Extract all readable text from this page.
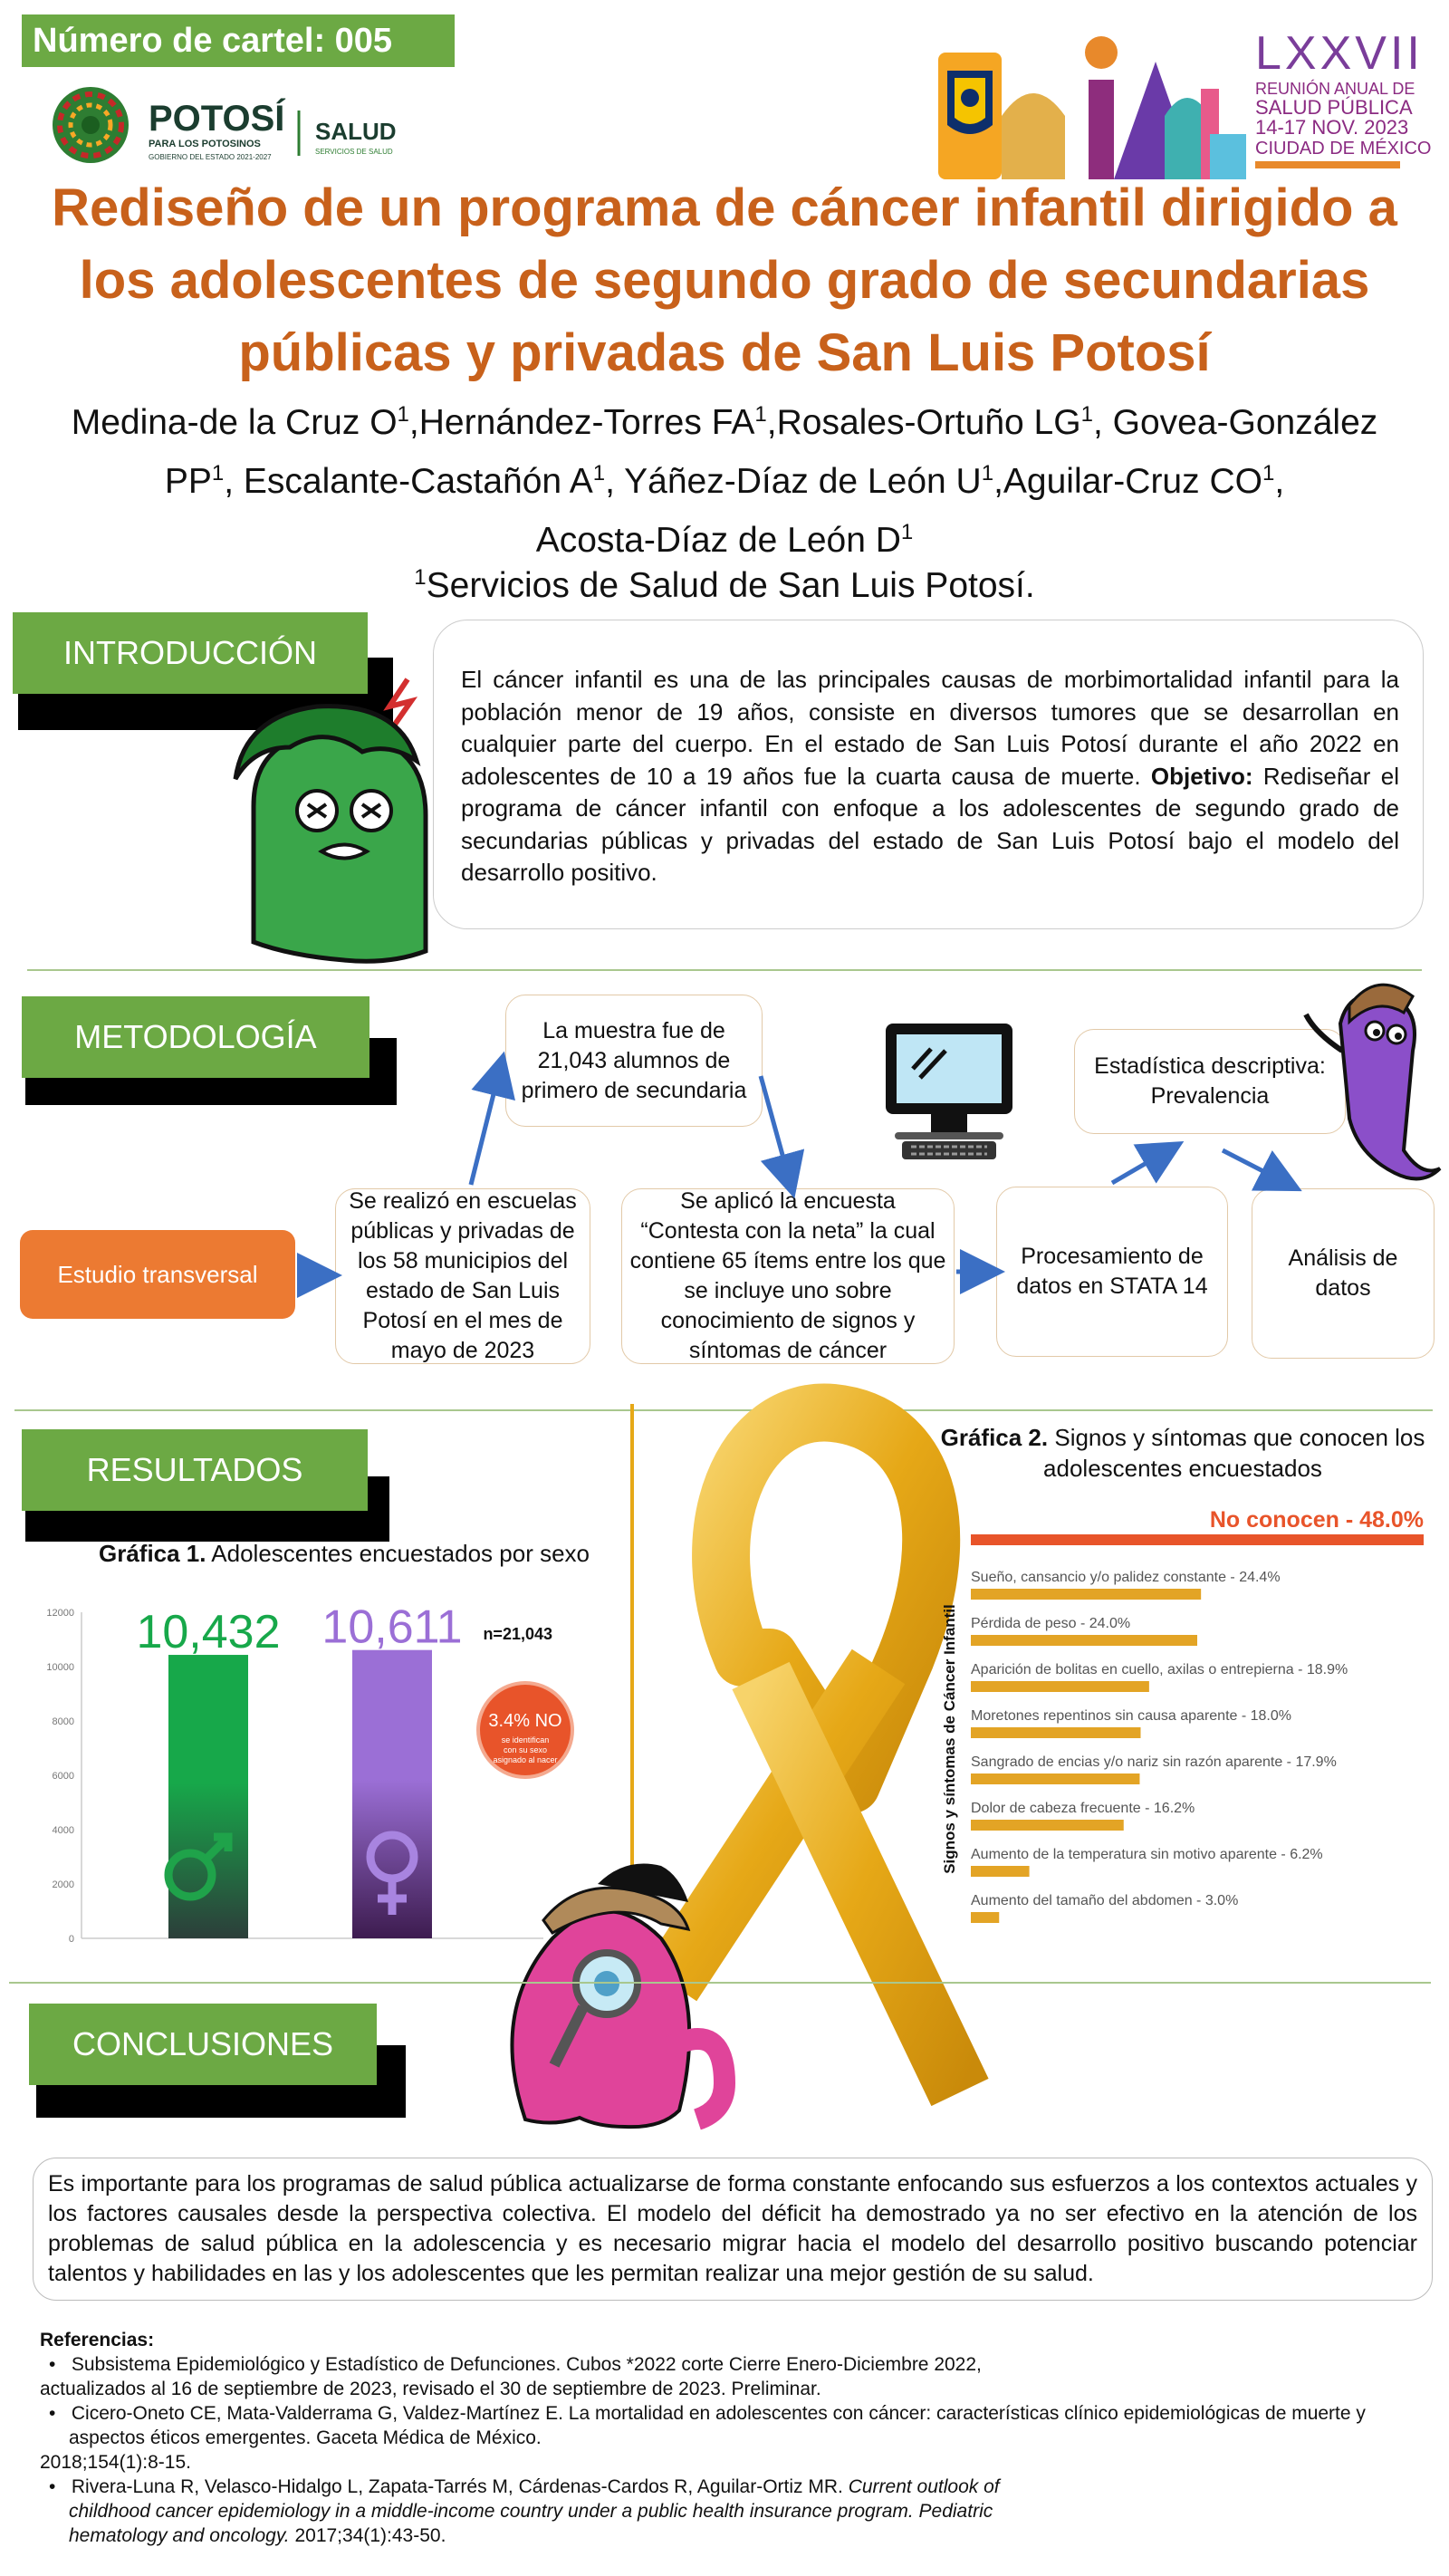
Número de cartel: 005
POTOSÍ
PARA LOS POTOSINOS
GOBIERNO DEL ESTADO 2021-2027
SALUD
SERVICIOS DE SALUD
LXXVII
REUNIÓN ANUAL DE
SALUD PÚBLICA
14-17 NOV. 2023
CIUDAD DE MÉXICO
Rediseño de un programa de cáncer infantil dirigido a
los adolescentes de segundo grado de secundarias
públicas y privadas de San Luis Potosí
Medina-de la Cruz $O^1,Hernández$-Torres $FA^1,Rosales$-Ortuño $LG^1$, Govea-González
$PP^1$, Escalante-Castañón $A^1$, Yáñez-Díaz de León $U^1,Aguilar$-Cruz $CO^1$,
Acosta-Díaz de León $D^1$
$^1$Servicios de Salud de San Luis Potosí.
INTRODUCCIÓN
El cáncer infantil es una de las principales causas de morbimortalidad infantil para la población menor de 19 años, consiste en diversos tumores que se desarrollan en cualquier parte del cuerpo. En el estado de San Luis Potosí durante el año 2022 en adolescentes de 10 a 19 años fue la cuarta causa de muerte. Objetivo: Rediseñar el programa de cáncer infantil con enfoque a los adolescentes de segundo grado de secundarias públicas y privadas del estado de San Luis Potosí bajo el modelo del desarrollo positivo.
METODOLOGÍA
Estudio transversal
Se realizó en escuelas públicas y privadas de los 58 municipios del estado de San Luis Potosí en el mes de mayo de 2023
La muestra fue de 21,043 alumnos de primero de secundaria
Se aplicó la encuesta “Contesta con la neta” la cual contiene 65 ítems entre los que se incluye uno sobre conocimiento de signos y síntomas de cáncer
Procesamiento de datos en STATA 14
Estadística descriptiva: Prevalencia
Análisis de datos
RESULTADOS
Gráfica 1. Adolescentes encuestados por sexo
0
2000
4000
6000
8000
10000
12000 10,432 10,611 n=21,043
3.4% NO
se identifican
con su sexo
asignado al nacer
Gráfica 2. Signos y síntomas que conocen los adolescentes encuestados
No conocen - 48.0%
Sueño, cansancio y/o palidez constante - 24.4%
Pérdida de peso - 24.0%
Aparición de bolitas en cuello, axilas o entrepierna - 18.9%
Moretones repentinos sin causa aparente - 18.0%
Sangrado de encias y/o nariz sin razón aparente - 17.9%
Dolor de cabeza frecuente - 16.2%
Aumento de la temperatura sin motivo aparente - 6.2%
Aumento del tamaño del abdomen - 3.0%
Signos y síntomas de Cáncer Infantil
CONCLUSIONES
Es importante para los programas de salud pública actualizarse de forma constante enfocando sus esfuerzos a los contextos actuales y los factores causales desde la perspectiva colectiva. El modelo del déficit ha demostrado ya no ser efectivo en la atención de los problemas de salud pública en la adolescencia y es necesario migrar hacia el modelo del desarrollo positivo buscando potenciar talentos y habilidades en las y los adolescentes que les permitan realizar una mejor gestión de su salud.
Referencias:
•   Subsistema Epidemiológico y Estadístico de Defunciones. Cubos *2022 corte Cierre Enero-Diciembre 2022,
actualizados al 16 de septiembre de 2023, revisado el 30 de septiembre de 2023. Preliminar.
•   Cicero-Oneto CE, Mata-Valderrama G, Valdez-Martínez E. La mortalidad en adolescentes con cáncer: características clínico epidemiológicas de muerte y aspectos éticos emergentes. Gaceta Médica de México.
2018;154(1):8-15.
•   Rivera-Luna R, Velasco-Hidalgo L, Zapata-Tarrés M, Cárdenas-Cardos R, Aguilar-Ortiz MR. Current outlook of childhood cancer epidemiology in a middle-income country under a public health insurance program. Pediatric hematology and oncology. 2017;34(1):43-50.
